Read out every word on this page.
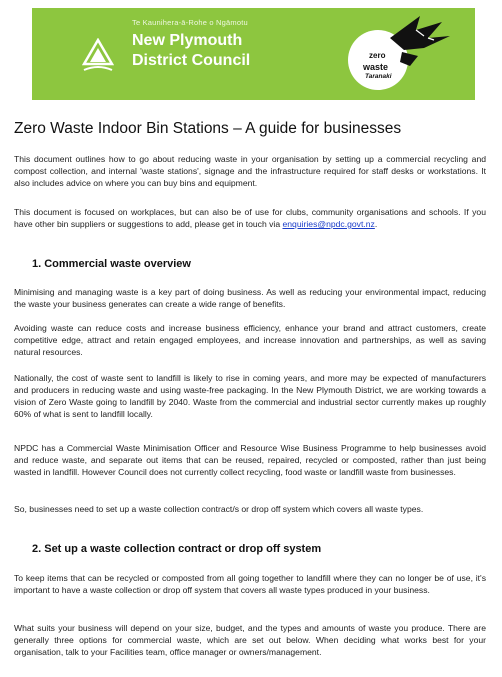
Te Kaunihera-ā-Rohe o Ngāmotu
New Plymouth
District Council	zero
waste
Taranaki
Zero Waste Indoor Bin Stations – A guide for businesses

This document outlines how to go about reducing waste in your organisation by setting up a commercial recycling and compost collection, and internal 'waste stations', signage and the infrastructure required for staff desks or workstations. It also includes advice on where you can buy bins and equipment.

This document is focused on workplaces, but can also be of use for clubs, community organisations and schools. If you have other bin suppliers or suggestions to add, please get in touch via enquiries@npdc.govt.nz.

1. Commercial waste overview

Minimising and managing waste is a key part of doing business. As well as reducing your environmental impact, reducing the waste your business generates can create a wide range of benefits.

Avoiding waste can reduce costs and increase business efficiency, enhance your brand and attract customers, create competitive edge, attract and retain engaged employees, and increase innovation and partnerships, as well as saving natural resources.

Nationally, the cost of waste sent to landfill is likely to rise in coming years, and more may be expected of manufacturers and producers in reducing waste and using waste-free packaging. In the New Plymouth District, we are working towards a vision of Zero Waste going to landfill by 2040. Waste from the commercial and industrial sector currently makes up roughly 60% of what is sent to landfill locally.

NPDC has a Commercial Waste Minimisation Officer and Resource Wise Business Programme to help businesses avoid and reduce waste, and separate out items that can be reused, repaired, recycled or composted, rather than just being wasted in landfill. However Council does not currently collect recycling, food waste or landfill waste from businesses.

So, businesses need to set up a waste collection contract/s or drop off system which covers all waste types.

2. Set up a waste collection contract or drop off system

To keep items that can be recycled or composted from all going together to landfill where they can no longer be of use, it's important to have a waste collection or drop off system that covers all waste types produced in your business.

What suits your business will depend on your size, budget, and the types and amounts of waste you produce. There are generally three options for commercial waste, which are set out below. When deciding what works best for your organisation, talk to your Facilities team, office manager or owners/management.
